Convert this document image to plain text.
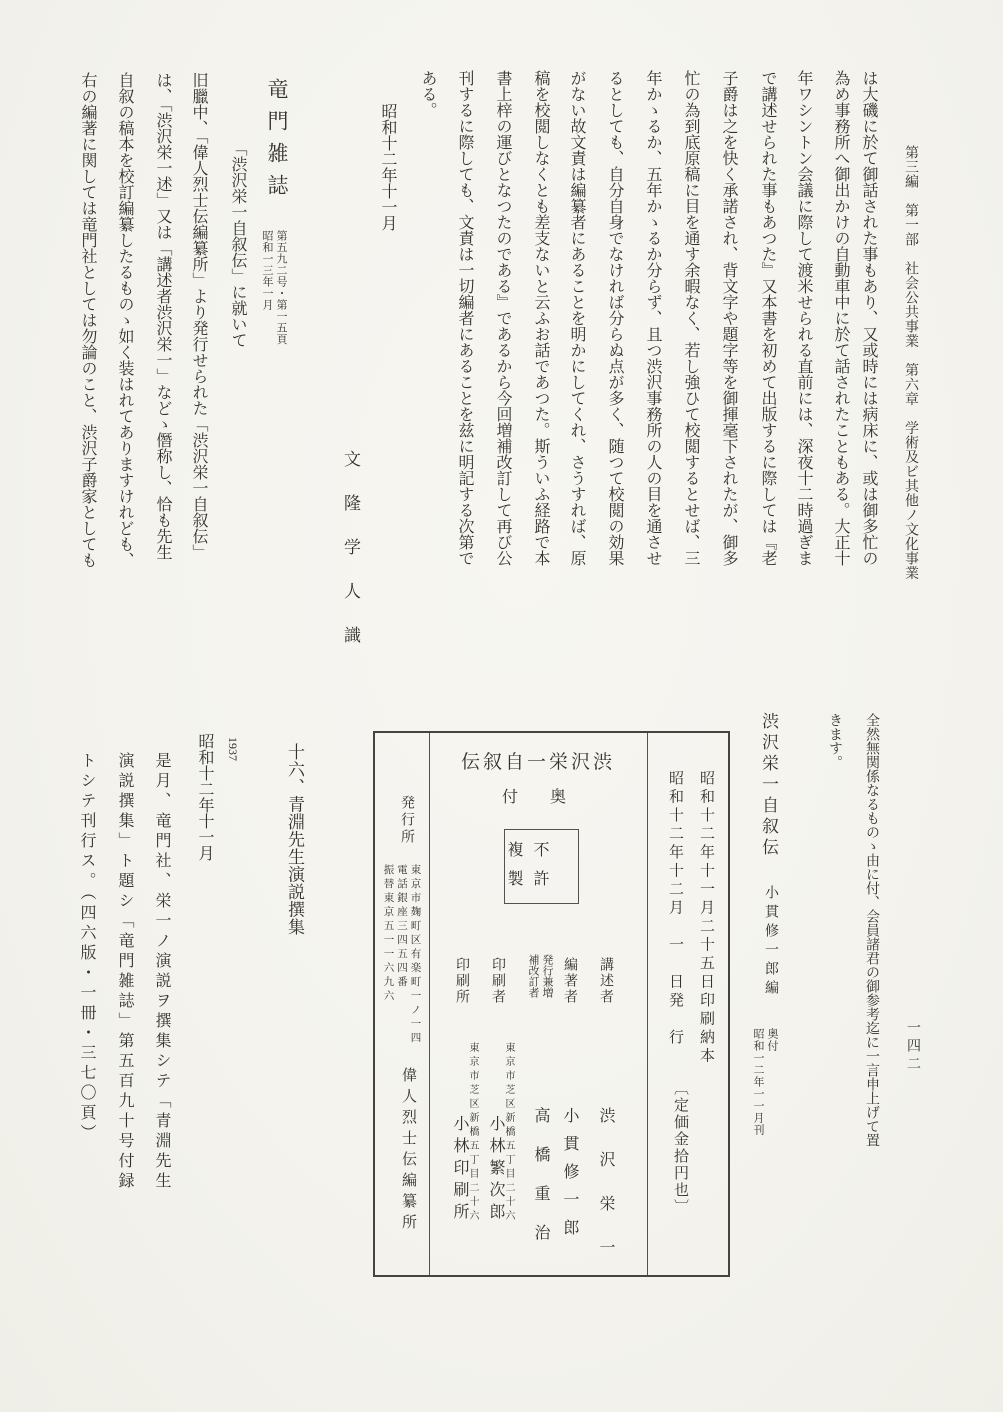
第三編　第一部　社会公共事業　第六章　学術及ビ其他ノ文化事業
一四二
は大磯に於て御話された事もあり、又或時には病床に、或は御多忙の
為め事務所へ御出かけの自動車中に於て話されたこともある。大正十
年ワシントン会議に際して渡米せられる直前には、深夜十二時過ぎま
で講述せられた事もあつた』又本書を初めて出版するに際しては『老
子爵は之を快く承諾され、背文字や題字等を御揮毫下されたが、御多
忙の為到底原稿に目を通す余暇なく、若し強ひて校閲するとせば、三
年かゝるか、五年かゝるか分らず、且つ渋沢事務所の人の目を通させ
るとしても、自分自身でなければ分らぬ点が多く、随つて校閲の効果
がない故文責は編纂者にあることを明かにしてくれ、さうすれば、原
稿を校閲しなくとも差支ないと云ふお話であつた。斯ういふ経路で本
書上梓の運びとなつたのである』であるから今回増補改訂して再び公
刊するに際しても、文責は一切編者にあることを兹に明記する次第で
ある。
昭和十二年十一月
文隆学人識
竜門雑誌
第五九二号・第一五頁
昭和一三年一月
「渋沢栄一自叙伝」に就いて
旧臘中、「偉人烈士伝編纂所」より発行せられた「渋沢栄一自叙伝」
は、「渋沢栄一述」又は「講述者渋沢栄一」などゝ僭称し、恰も先生
自叙の稿本を校訂編纂したるものゝ如く装はれてありますけれども、
右の編著に関しては竜門社としては勿論のこと、渋沢子爵家としても
全然無関係なるものゝ由に付、会員諸君の御参考迄に一言申上げて置
きます。
渋沢栄一自叙伝
小貫修一郎編
奥付
昭和一二年一一月刊
昭和十二年十一月二十五日印刷納本
昭和十二年十二月　一　日発　行
〔定価金拾円也〕
伝叙自一栄沢渋
付　奥
不許
複製
講述者
編著者
発行兼増
補改訂者
印刷者
印刷所
東京市芝区新橋五丁目二十六
東京市芝区新橋五丁目二十六	渋　沢　栄　一
小貫修一郎
高橋重治
小林繁次郎
小林印刷所
発行所
東京市麹町区有楽町一ノ一四
電話銀座三四五四番
振替東京五一一六九六
偉人烈士伝編纂所
十六、青淵先生演説撰集
1937
昭和十二年十一月
是月、竜門社、栄一ノ演説ヲ撰集シテ「青淵先生
演説撰集」ト題シ「竜門雑誌」第五百九十号付録
トシテ刊行ス。（四六版・一冊・三七〇頁）
